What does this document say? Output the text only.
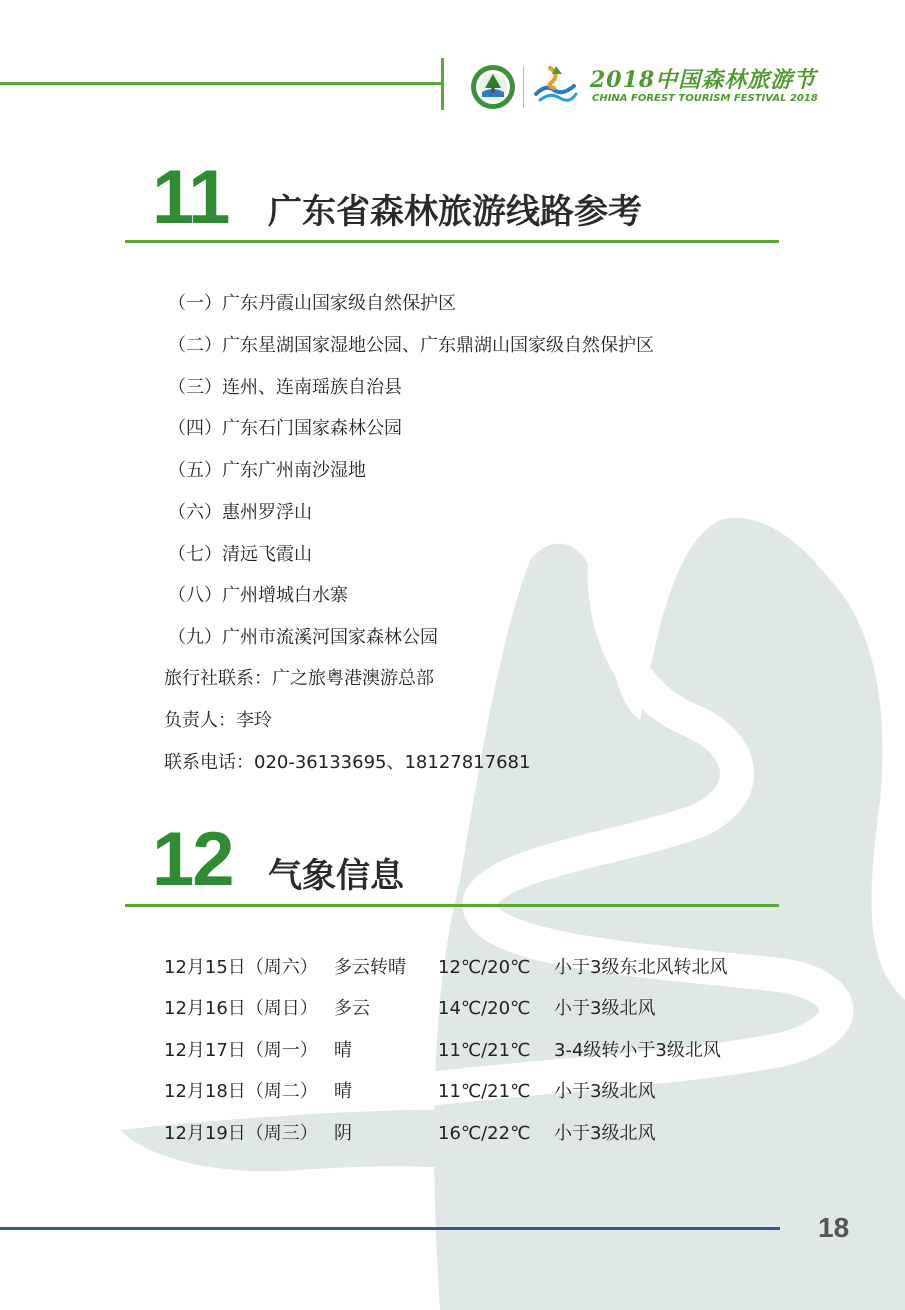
2018中国森林旅游节
CHINA FOREST TOURISM FESTIVAL 2018
11 广东省森林旅游线路参考
（一）广东丹霞山国家级自然保护区
（二）广东星湖国家湿地公园、广东鼎湖山国家级自然保护区
（三）连州、连南瑶族自治县
（四）广东石门国家森林公园
（五）广东广州南沙湿地
（六）惠州罗浮山
（七）清远飞霞山
（八）广州增城白水寨
（九）广州市流溪河国家森林公园
旅行社联系：广之旅粤港澳游总部
负责人：李玲
联系电话：020-36133695、18127817681
12 气象信息
12月15日（周六） 多云转晴 12℃/20℃ 小于3级东北风转北风
12月16日（周日） 多云	14℃/20℃ 小于3级北风
12月17日（周一） 晴	11℃/21℃ 3-4级转小于3级北风
12月18日（周二） 晴	11℃/21℃ 小于3级北风
12月19日（周三） 阴	16℃/22℃ 小于3级北风
18
